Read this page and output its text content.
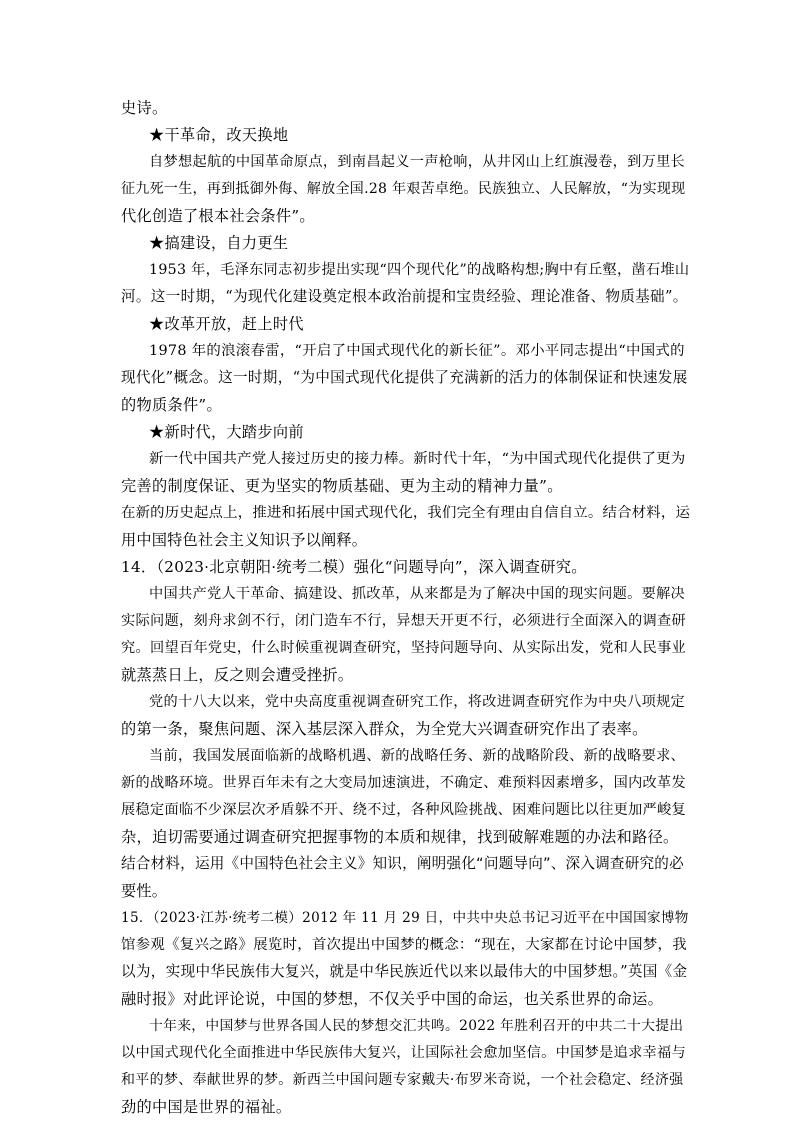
史诗。
★干革命，改天换地
自梦想起航的中国革命原点，到南昌起义一声枪响，从井冈山上红旗漫卷，到万里长
征九死一生，再到抵御外侮、解放全国.28 年艰苦卓绝。民族独立、人民解放，“为实现现
代化创造了根本社会条件”。
★搞建设，自力更生
1953 年，毛泽东同志初步提出实现“四个现代化”的战略构想;胸中有丘壑，凿石堆山
河。这一时期，“为现代化建设奠定根本政治前提和宝贵经验、理论准备、物质基础”。
★改革开放，赶上时代
1978 年的浪滚春雷，“开启了中国式现代化的新长征”。邓小平同志提出“中国式的
现代化”概念。这一时期，“为中国式现代化提供了充满新的活力的体制保证和快速发展
的物质条件”。
★新时代，大踏步向前
新一代中国共产党人接过历史的接力棒。新时代十年，“为中国式现代化提供了更为
完善的制度保证、更为坚实的物质基础、更为主动的精神力量”。
在新的历史起点上，推进和拓展中国式现代化，我们完全有理由自信自立。结合材料，运
用中国特色社会主义知识予以阐释。
14．（2023·北京朝阳·统考二模）强化“问题导向”，深入调查研究。
中国共产党人干革命、搞建设、抓改革，从来都是为了解决中国的现实问题。要解决
实际问题，刻舟求剑不行，闭门造车不行，异想天开更不行，必须进行全面深入的调查研
究。回望百年党史，什么时候重视调查研究，坚持问题导向、从实际出发，党和人民事业
就蒸蒸日上，反之则会遭受挫折。
党的十八大以来，党中央高度重视调查研究工作，将改进调查研究作为中央八项规定
的第一条，聚焦问题、深入基层深入群众，为全党大兴调查研究作出了表率。
当前，我国发展面临新的战略机遇、新的战略任务、新的战略阶段、新的战略要求、
新的战略环境。世界百年未有之大变局加速演进，不确定、难预料因素增多，国内改革发
展稳定面临不少深层次矛盾躲不开、绕不过，各种风险挑战、困难问题比以往更加严峻复
杂，迫切需要通过调查研究把握事物的本质和规律，找到破解难题的办法和路径。
结合材料，运用《中国特色社会主义》知识，阐明强化“问题导向”、深入调查研究的必
要性。
15．（2023·江苏·统考二模）2012 年 11 月 29 日，中共中央总书记习近平在中国国家博物
馆参观《复兴之路》展览时，首次提出中国梦的概念：“现在，大家都在讨论中国梦，我
以为，实现中华民族伟大复兴，就是中华民族近代以来以最伟大的中国梦想。”英国《金
融时报》对此评论说，中国的梦想，不仅关乎中国的命运，也关系世界的命运。
十年来，中国梦与世界各国人民的梦想交汇共鸣。2022 年胜利召开的中共二十大提出
以中国式现代化全面推进中华民族伟大复兴，让国际社会愈加坚信。中国梦是追求幸福与
和平的梦、奉献世界的梦。新西兰中国问题专家戴夫·布罗米奇说，一个社会稳定、经济强
劲的中国是世界的福祉。
